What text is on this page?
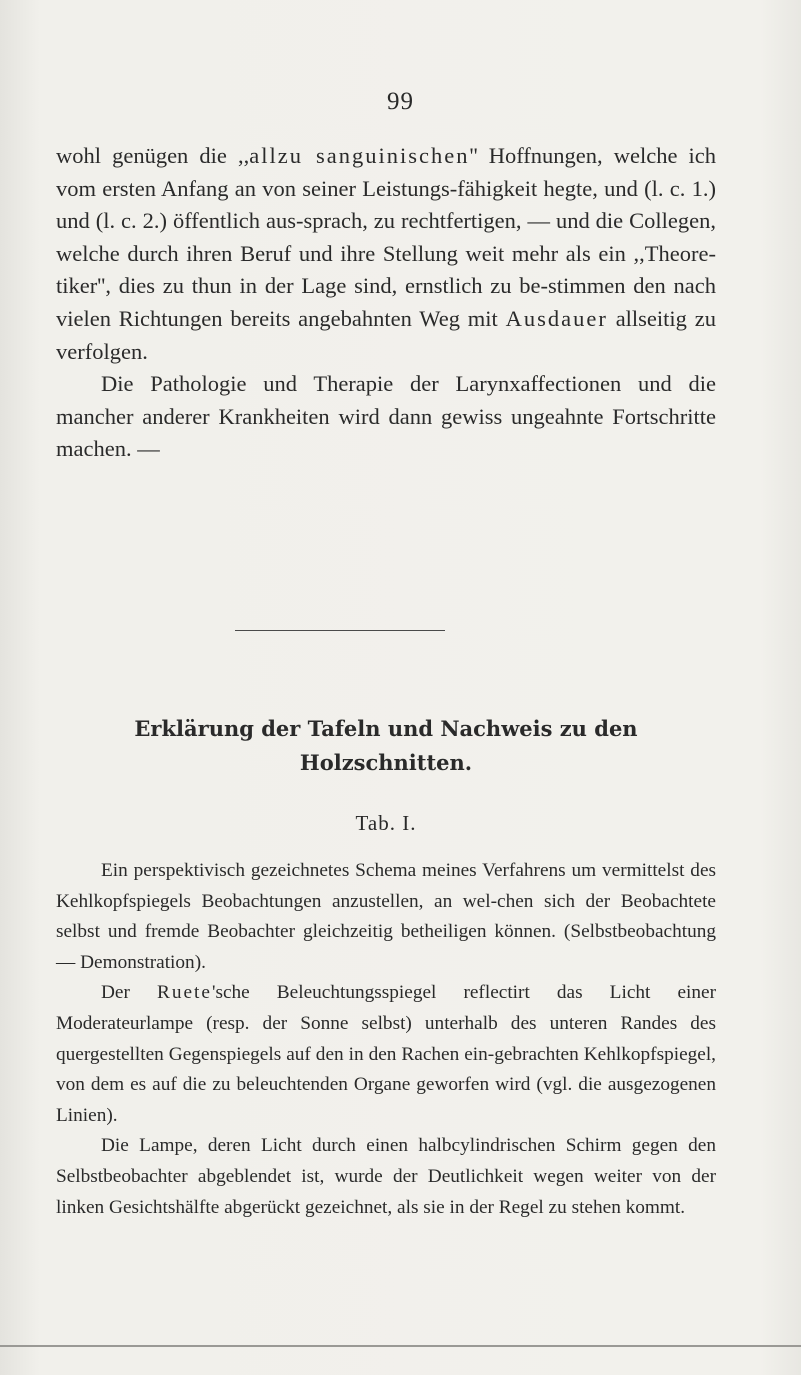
99

wohl genügen die ,,allzu sanguinischen'' Hoffnungen, welche ich vom ersten Anfang an von seiner Leistungs-fähigkeit hegte, und (l. c. 1.) und (l. c. 2.) öffentlich aus-sprach, zu rechtfertigen, — und die Collegen, welche durch ihren Beruf und ihre Stellung weit mehr als ein ,,Theore-tiker'', dies zu thun in der Lage sind, ernstlich zu be-stimmen den nach vielen Richtungen bereits angebahnten Weg mit Ausdauer allseitig zu verfolgen.

Die Pathologie und Therapie der Larynxaffectionen und die mancher anderer Krankheiten wird dann gewiss ungeahnte Fortschritte machen. —

Erklärung der Tafeln und Nachweis zu den
Holzschnitten.
Tab. I.

Ein perspektivisch gezeichnetes Schema meines Verfahrens um vermittelst des Kehlkopfspiegels Beobachtungen anzustellen, an wel-chen sich der Beobachtete selbst und fremde Beobachter gleichzeitig betheiligen können. (Selbstbeobachtung — Demonstration).

Der Ruete'sche Beleuchtungsspiegel reflectirt das Licht einer Moderateurlampe (resp. der Sonne selbst) unterhalb des unteren Randes des quergestellten Gegenspiegels auf den in den Rachen ein-gebrachten Kehlkopfspiegel, von dem es auf die zu beleuchtenden Organe geworfen wird (vgl. die ausgezogenen Linien).

Die Lampe, deren Licht durch einen halbcylindrischen Schirm gegen den Selbstbeobachter abgeblendet ist, wurde der Deutlichkeit wegen weiter von der linken Gesichtshälfte abgerückt gezeichnet, als sie in der Regel zu stehen kommt.
